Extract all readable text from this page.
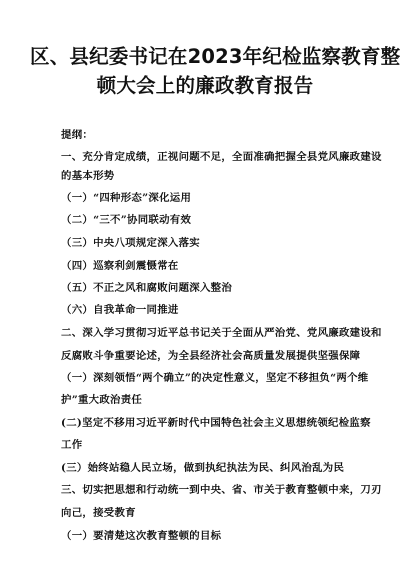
区、县纪委书记在2023年纪检监察教育整
顿大会上的廉政教育报告
提纲：
一、充分肯定成绩，正视问题不足，全面准确把握全县党风廉政建设
的基本形势
（一）“四种形态”深化运用
（二）“三不”协同联动有效
（三）中央八项规定深入落实
（四）巡察利剑震慑常在
（五）不正之风和腐败问题深入整治
（六）自我革命一同推进
二、深入学习贯彻习近平总书记关于全面从严治党、党风廉政建设和
反腐败斗争重要论述，为全县经济社会高质量发展提供坚强保障
（一）深刻领悟“两个确立”的决定性意义，坚定不移担负“两个维
护”重大政治责任
(二)坚定不移用习近平新时代中国特色社会主义思想统领纪检监察
工作
(三）始终站稳人民立场，做到执纪执法为民、纠风治乱为民
三、切实把思想和行动统一到中央、省、市关于教育整顿中来，刀刃
向己，接受教育
（一）要清楚这次教育整顿的目标
